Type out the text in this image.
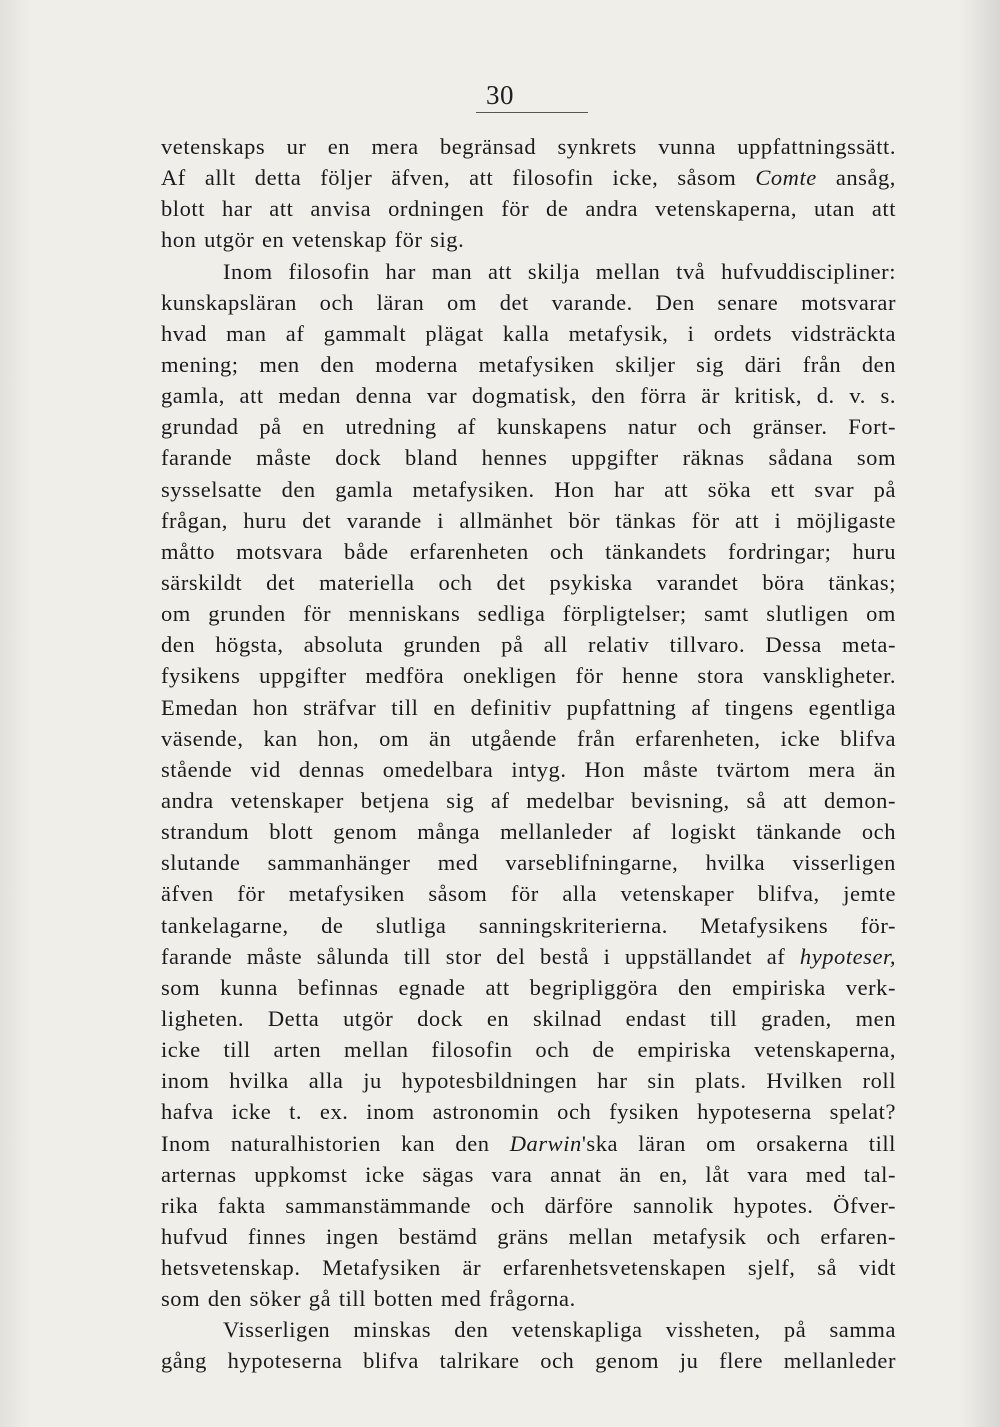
30
vetenskaps ur en mera begränsad synkrets vunna uppfattningssätt.
Af allt detta följer äfven, att filosofin icke, såsom Comte ansåg,
blott har att anvisa ordningen för de andra vetenskaperna, utan att
hon utgör en vetenskap för sig.
Inom filosofin har man att skilja mellan två hufvuddiscipliner:
kunskapsläran och läran om det varande. Den senare motsvarar
hvad man af gammalt plägat kalla metafysik, i ordets vidsträckta
mening; men den moderna metafysiken skiljer sig däri från den
gamla, att medan denna var dogmatisk, den förra är kritisk, d. v. s.
grundad på en utredning af kunskapens natur och gränser. Fort-
farande måste dock bland hennes uppgifter räknas sådana som
sysselsatte den gamla metafysiken. Hon har att söka ett svar på
frågan, huru det varande i allmänhet bör tänkas för att i möjligaste
måtto motsvara både erfarenheten och tänkandets fordringar; huru
särskildt det materiella och det psykiska varandet böra tänkas;
om grunden för menniskans sedliga förpligtelser; samt slutligen om
den högsta, absoluta grunden på all relativ tillvaro. Dessa meta-
fysikens uppgifter medföra onekligen för henne stora vanskligheter.
Emedan hon sträfvar till en definitiv pupfattning af tingens egentliga
väsende, kan hon, om än utgående från erfarenheten, icke blifva
stående vid dennas omedelbara intyg. Hon måste tvärtom mera än
andra vetenskaper betjena sig af medelbar bevisning, så att demon-
strandum blott genom många mellanleder af logiskt tänkande och
slutande sammanhänger med varseblifningarne, hvilka visserligen
äfven för metafysiken såsom för alla vetenskaper blifva, jemte
tankelagarne, de slutliga sanningskriterierna. Metafysikens för-
farande måste sålunda till stor del bestå i uppställandet af hypoteser,
som kunna befinnas egnade att begripliggöra den empiriska verk-
ligheten. Detta utgör dock en skilnad endast till graden, men
icke till arten mellan filosofin och de empiriska vetenskaperna,
inom hvilka alla ju hypotesbildningen har sin plats. Hvilken roll
hafva icke t. ex. inom astronomin och fysiken hypoteserna spelat?
Inom naturalhistorien kan den Darwin'ska läran om orsakerna till
arternas uppkomst icke sägas vara annat än en, låt vara med tal-
rika fakta sammanstämmande och därföre sannolik hypotes. Öfver-
hufvud finnes ingen bestämd gräns mellan metafysik och erfaren-
hetsvetenskap. Metafysiken är erfarenhetsvetenskapen sjelf, så vidt
som den söker gå till botten med frågorna.
Visserligen minskas den vetenskapliga vissheten, på samma
gång hypoteserna blifva talrikare och genom ju flere mellanleder
